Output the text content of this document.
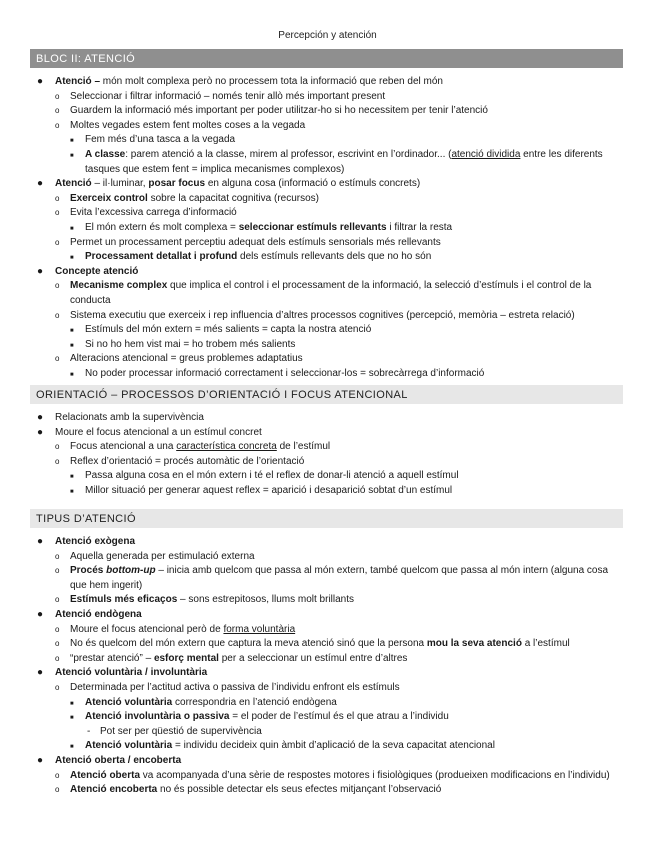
Percepción y atención
BLOC II: ATENCIÓ
● Atenció – món molt complexa però no processem tota la informació que reben del món
o Seleccionar i filtrar informació – només tenir allò més important present
o Guardem la informació més important per poder utilitzar-ho si ho necessitem per tenir l’atenció
o Moltes vegades estem fent moltes coses a la vegada
■ Fem més d’una tasca a la vegada
■ A classe: parem atenció a la classe, mirem al professor, escrivint en l’ordinador... (atenció dividida entre les diferents tasques que estem fent = implica mecanismes complexos)
● Atenció – il·luminar, posar focus en alguna cosa (informació o estímuls concrets)
o Exerceix control sobre la capacitat cognitiva (recursos)
o Evita l’excessiva carrega d’informació
■ El món extern és molt complexa = seleccionar estímuls rellevants i filtrar la resta
o Permet un processament perceptiu adequat dels estímuls sensorials més rellevants
■ Processament detallat i profund dels estímuls rellevants dels que no ho són
● Concepte atenció
o Mecanisme complex que implica el control i el processament de la informació, la selecció d’estímuls i el control de la conducta
o Sistema executiu que exerceix i rep influencia d’altres processos cognitives (percepció, memòria – estreta relació)
■ Estímuls del món extern = més salients = capta la nostra atenció
■ Si no ho hem vist mai = ho trobem més salients
o Alteracions atencional = greus problemes adaptatius
■ No poder processar informació correctament i seleccionar-los = sobrecàrrega d’informació
ORIENTACIÓ – PROCESSOS D’ORIENTACIÓ I FOCUS ATENCIONAL
● Relacionats amb la supervivència
● Moure el focus atencional a un estímul concret
o Focus atencional a una característica concreta de l’estímul
o Reflex d’orientació = procés automàtic de l’orientació
■ Passa alguna cosa en el món extern i té el reflex de donar-li atenció a aquell estímul
■ Millor situació per generar aquest reflex = aparició i desaparició sobtat d’un estímul
TIPUS D’ATENCIÓ
● Atenció exògena
o Aquella generada per estimulació externa
o Procés bottom-up – inicia amb quelcom que passa al món extern, també quelcom que passa al món intern (alguna cosa que hem ingerit)
o Estímuls més eficaços – sons estrepitosos, llums molt brillants
● Atenció endògena
o Moure el focus atencional però de forma voluntària
o No és quelcom del món extern que captura la meva atenció sinó que la persona mou la seva atenció a l’estímul
o “prestar atenció” – esforç mental per a seleccionar un estímul entre d’altres
● Atenció voluntària / involuntària
o Determinada per l’actitud activa o passiva de l’individu enfront els estímuls
■ Atenció voluntària correspondria en l’atenció endògena
■ Atenció involuntària o passiva = el poder de l’estímul és el que atrau a l’individu
- Pot ser per qüestió de supervivència
■ Atenció voluntària = individu decideix quin àmbit d’aplicació de la seva capacitat atencional
● Atenció oberta / encoberta
o Atenció oberta va acompanyada d’una sèrie de respostes motores i fisiològiques (produeixen modificacions en l’individu)
o Atenció encoberta no és possible detectar els seus efectes mitjançant l’observació
